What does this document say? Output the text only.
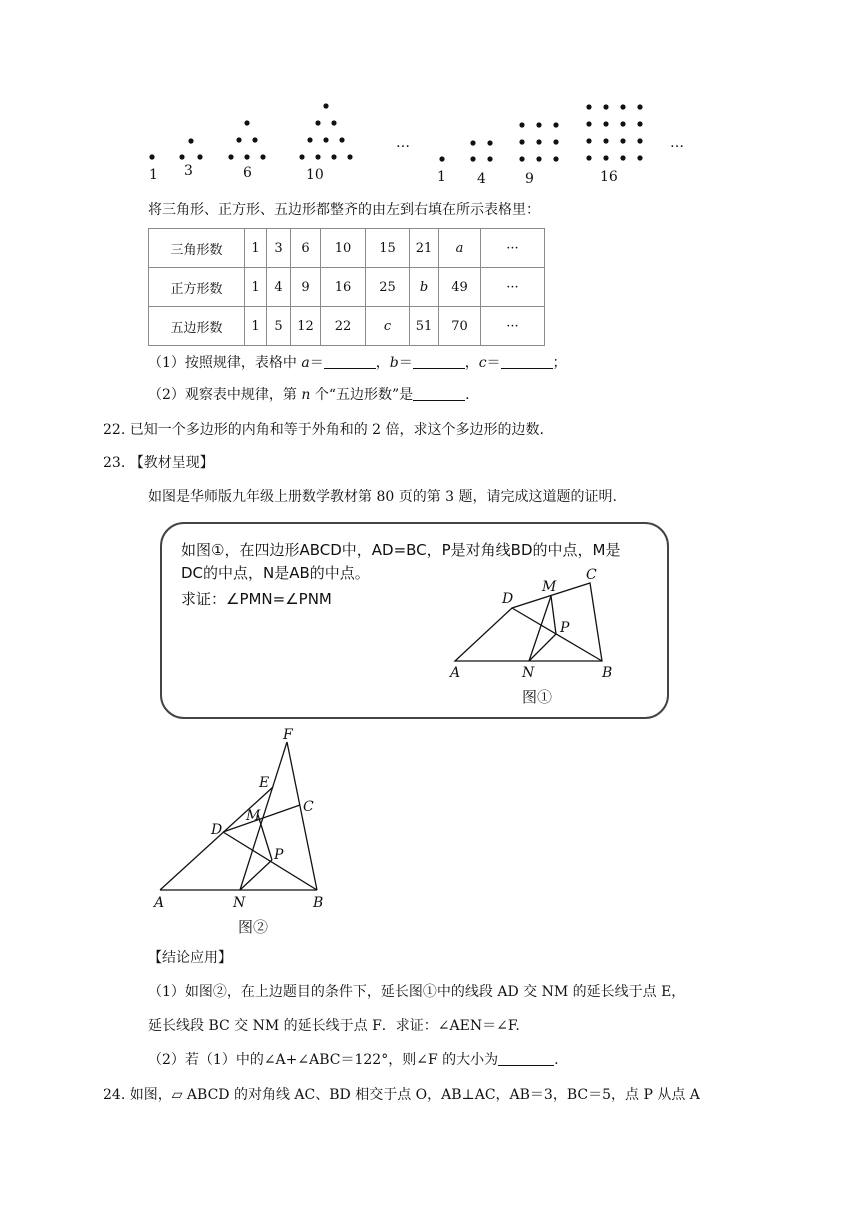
1 3	6	10
…
1 4	9	16
…
将三角形、正方形、五边形都整齐的由左到右填在所示表格里：
三角形数	1	3	6	10	15	21	a	···
正方形数	1	4	9	16	25	b	49	···
五边形数	1	5	12	22	c	51	70	···
（1）按照规律，表格中 a＝	，b＝	，c＝	；
（2）观察表中规律，第 n 个“五边形数”是	.
22. 已知一个多边形的内角和等于外角和的 2 倍，求这个多边形的边数.
23. 【教材呈现】
如图是华师版九年级上册数学教材第 80 页的第 3 题，请完成这道题的证明.
如图①，在四边形ABCD中，AD=BC，P是对角线BD的中点，M是
DC的中点，N是AB的中点。
求证：∠PMN=∠PNM
A	B
C
D
M
N
P
图①
A	B
C
D
E
F
M
N
P
图②
【结论应用】
（1）如图②，在上边题目的条件下，延长图①中的线段 AD 交 NM 的延长线于点 E，
延长线段 BC 交 NM 的延长线于点 F．求证：∠AEN＝∠F.
（2）若（1）中的∠A+∠ABC＝122°，则∠F 的大小为	.
24. 如图，▱ ABCD 的对角线 AC、BD 相交于点 O，AB⊥AC，AB＝3，BC＝5，点 P 从点 A
